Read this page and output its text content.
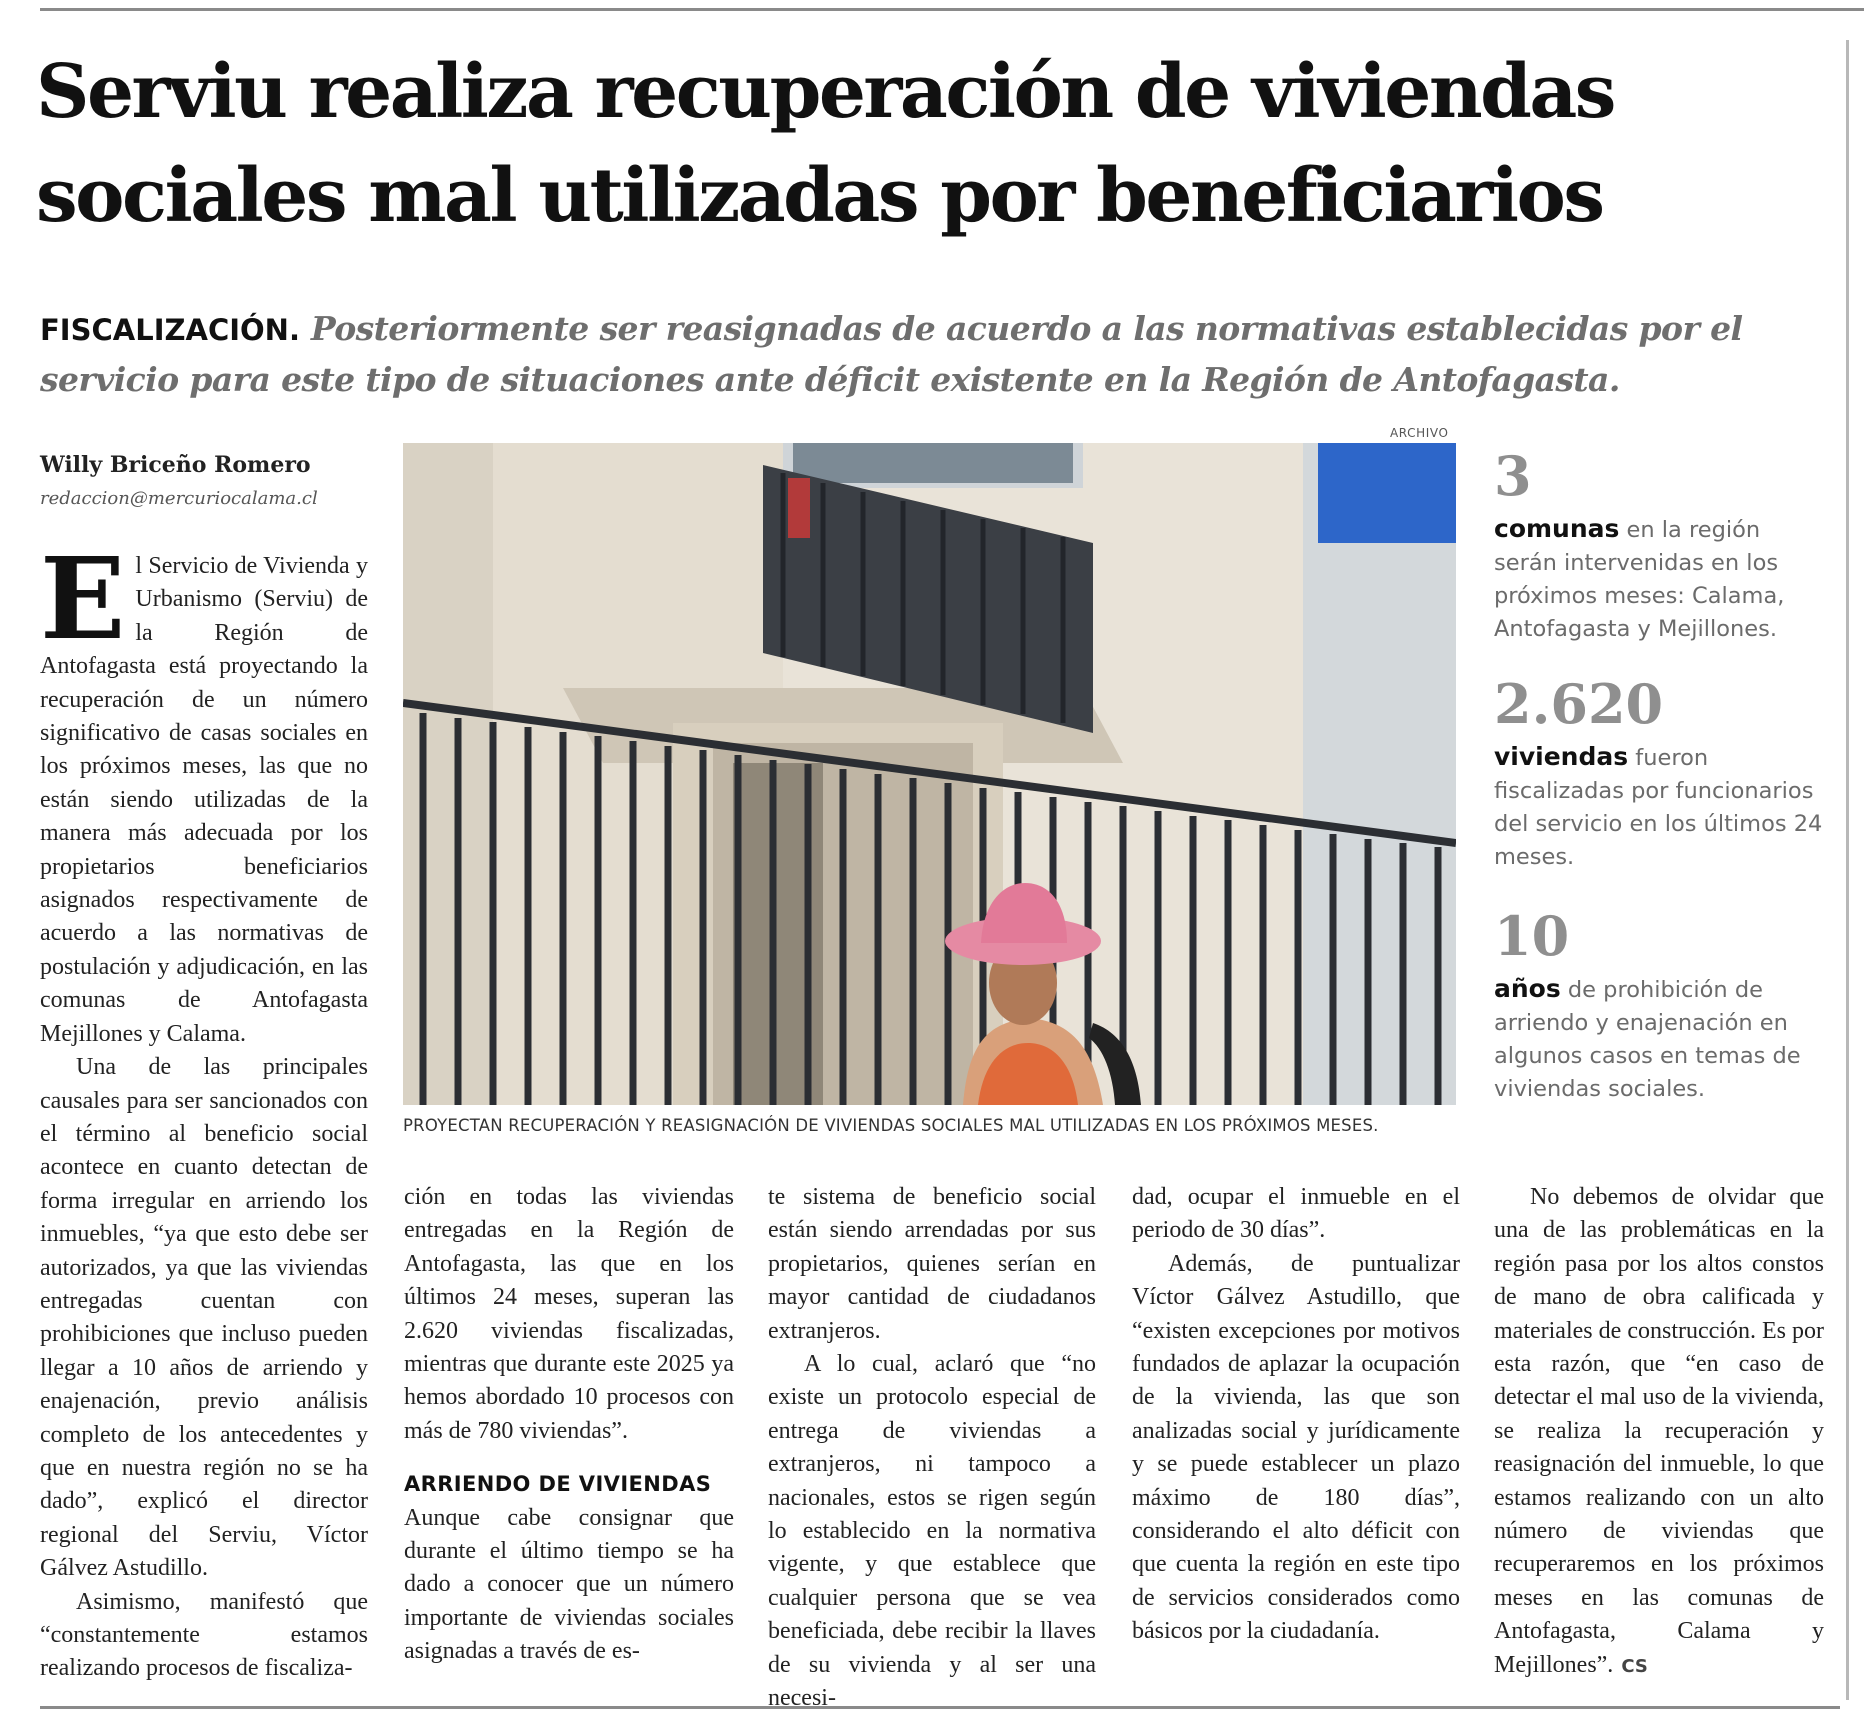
Serviu realiza recuperación de viviendas
sociales mal utilizadas por beneficiarios
FISCALIZACIÓN. Posteriormente ser reasignadas de acuerdo a las normativas establecidas por el servicio para este tipo de situaciones ante déficit existente en la Región de Antofagasta.
Willy Briceño Romero
redaccion@mercuriocalama.cl

El Servicio de Vivienda y Urbanismo (Serviu) de la Región de Antofagasta está proyectando la recuperación de un número significativo de casas sociales en los próximos meses, las que no están siendo utilizadas de la manera más adecuada por los propietarios beneficiarios asignados respectivamente de acuerdo a las normativas de postulación y adjudicación, en las comunas de Antofagasta Mejillones y Calama.

Una de las principales causales para ser sancionados con el término al beneficio social acontece en cuanto detectan de forma irregular en arriendo los inmuebles, “ya que esto debe ser autorizados, ya que las viviendas entregadas cuentan con prohibiciones que incluso pueden llegar a 10 años de arriendo y enajenación, previo análisis completo de los antecedentes y que en nuestra región no se ha dado”, explicó el director regional del Serviu, Víctor Gálvez Astudillo.

Asimismo, manifestó que “constantemente estamos realizando procesos de fiscaliza-

ARCHIVO
PROYECTAN RECUPERACIÓN Y REASIGNACIÓN DE VIVIENDAS SOCIALES MAL UTILIZADAS EN LOS PRÓXIMOS MESES.
3
comunas en la región serán intervenidas en los próximos meses: Calama, Antofagasta y Mejillones.
2.620
viviendas fueron fiscalizadas por funcionarios del servicio en los últimos 24 meses.
10
años de prohibición de arriendo y enajenación en algunos casos en temas de viviendas sociales.

ción en todas las viviendas entregadas en la Región de Antofagasta, las que en los últimos 24 meses, superan las 2.620 viviendas fiscalizadas, mientras que durante este 2025 ya hemos abordado 10 procesos con más de 780 viviendas”.

ARRIENDO DE VIVIENDAS

Aunque cabe consignar que durante el último tiempo se ha dado a conocer que un número importante de viviendas sociales asignadas a través de es-

te sistema de beneficio social están siendo arrendadas por sus propietarios, quienes serían en mayor cantidad de ciudadanos extranjeros.

A lo cual, aclaró que “no existe un protocolo especial de entrega de viviendas a extranjeros, ni tampoco a nacionales, estos se rigen según lo establecido en la normativa vigente, y que establece que cualquier persona que se vea beneficiada, debe recibir la llaves de su vivienda y al ser una necesi-

dad, ocupar el inmueble en el periodo de 30 días”.

Además, de puntualizar Víctor Gálvez Astudillo, que “existen excepciones por motivos fundados de aplazar la ocupación de la vivienda, las que son analizadas social y jurídicamente y se puede establecer un plazo máximo de 180 días”, considerando el alto déficit con que cuenta la región en este tipo de servicios considerados como básicos por la ciudadanía.

No debemos de olvidar que una de las problemáticas en la región pasa por los altos constos de mano de obra calificada y materiales de construcción. Es por esta razón, que “en caso de detectar el mal uso de la vivienda, se realiza la recuperación y reasignación del inmueble, lo que estamos realizando con un alto número de viviendas que recuperaremos en los próximos meses en las comunas de Antofagasta, Calama y Mejillones”. CS
